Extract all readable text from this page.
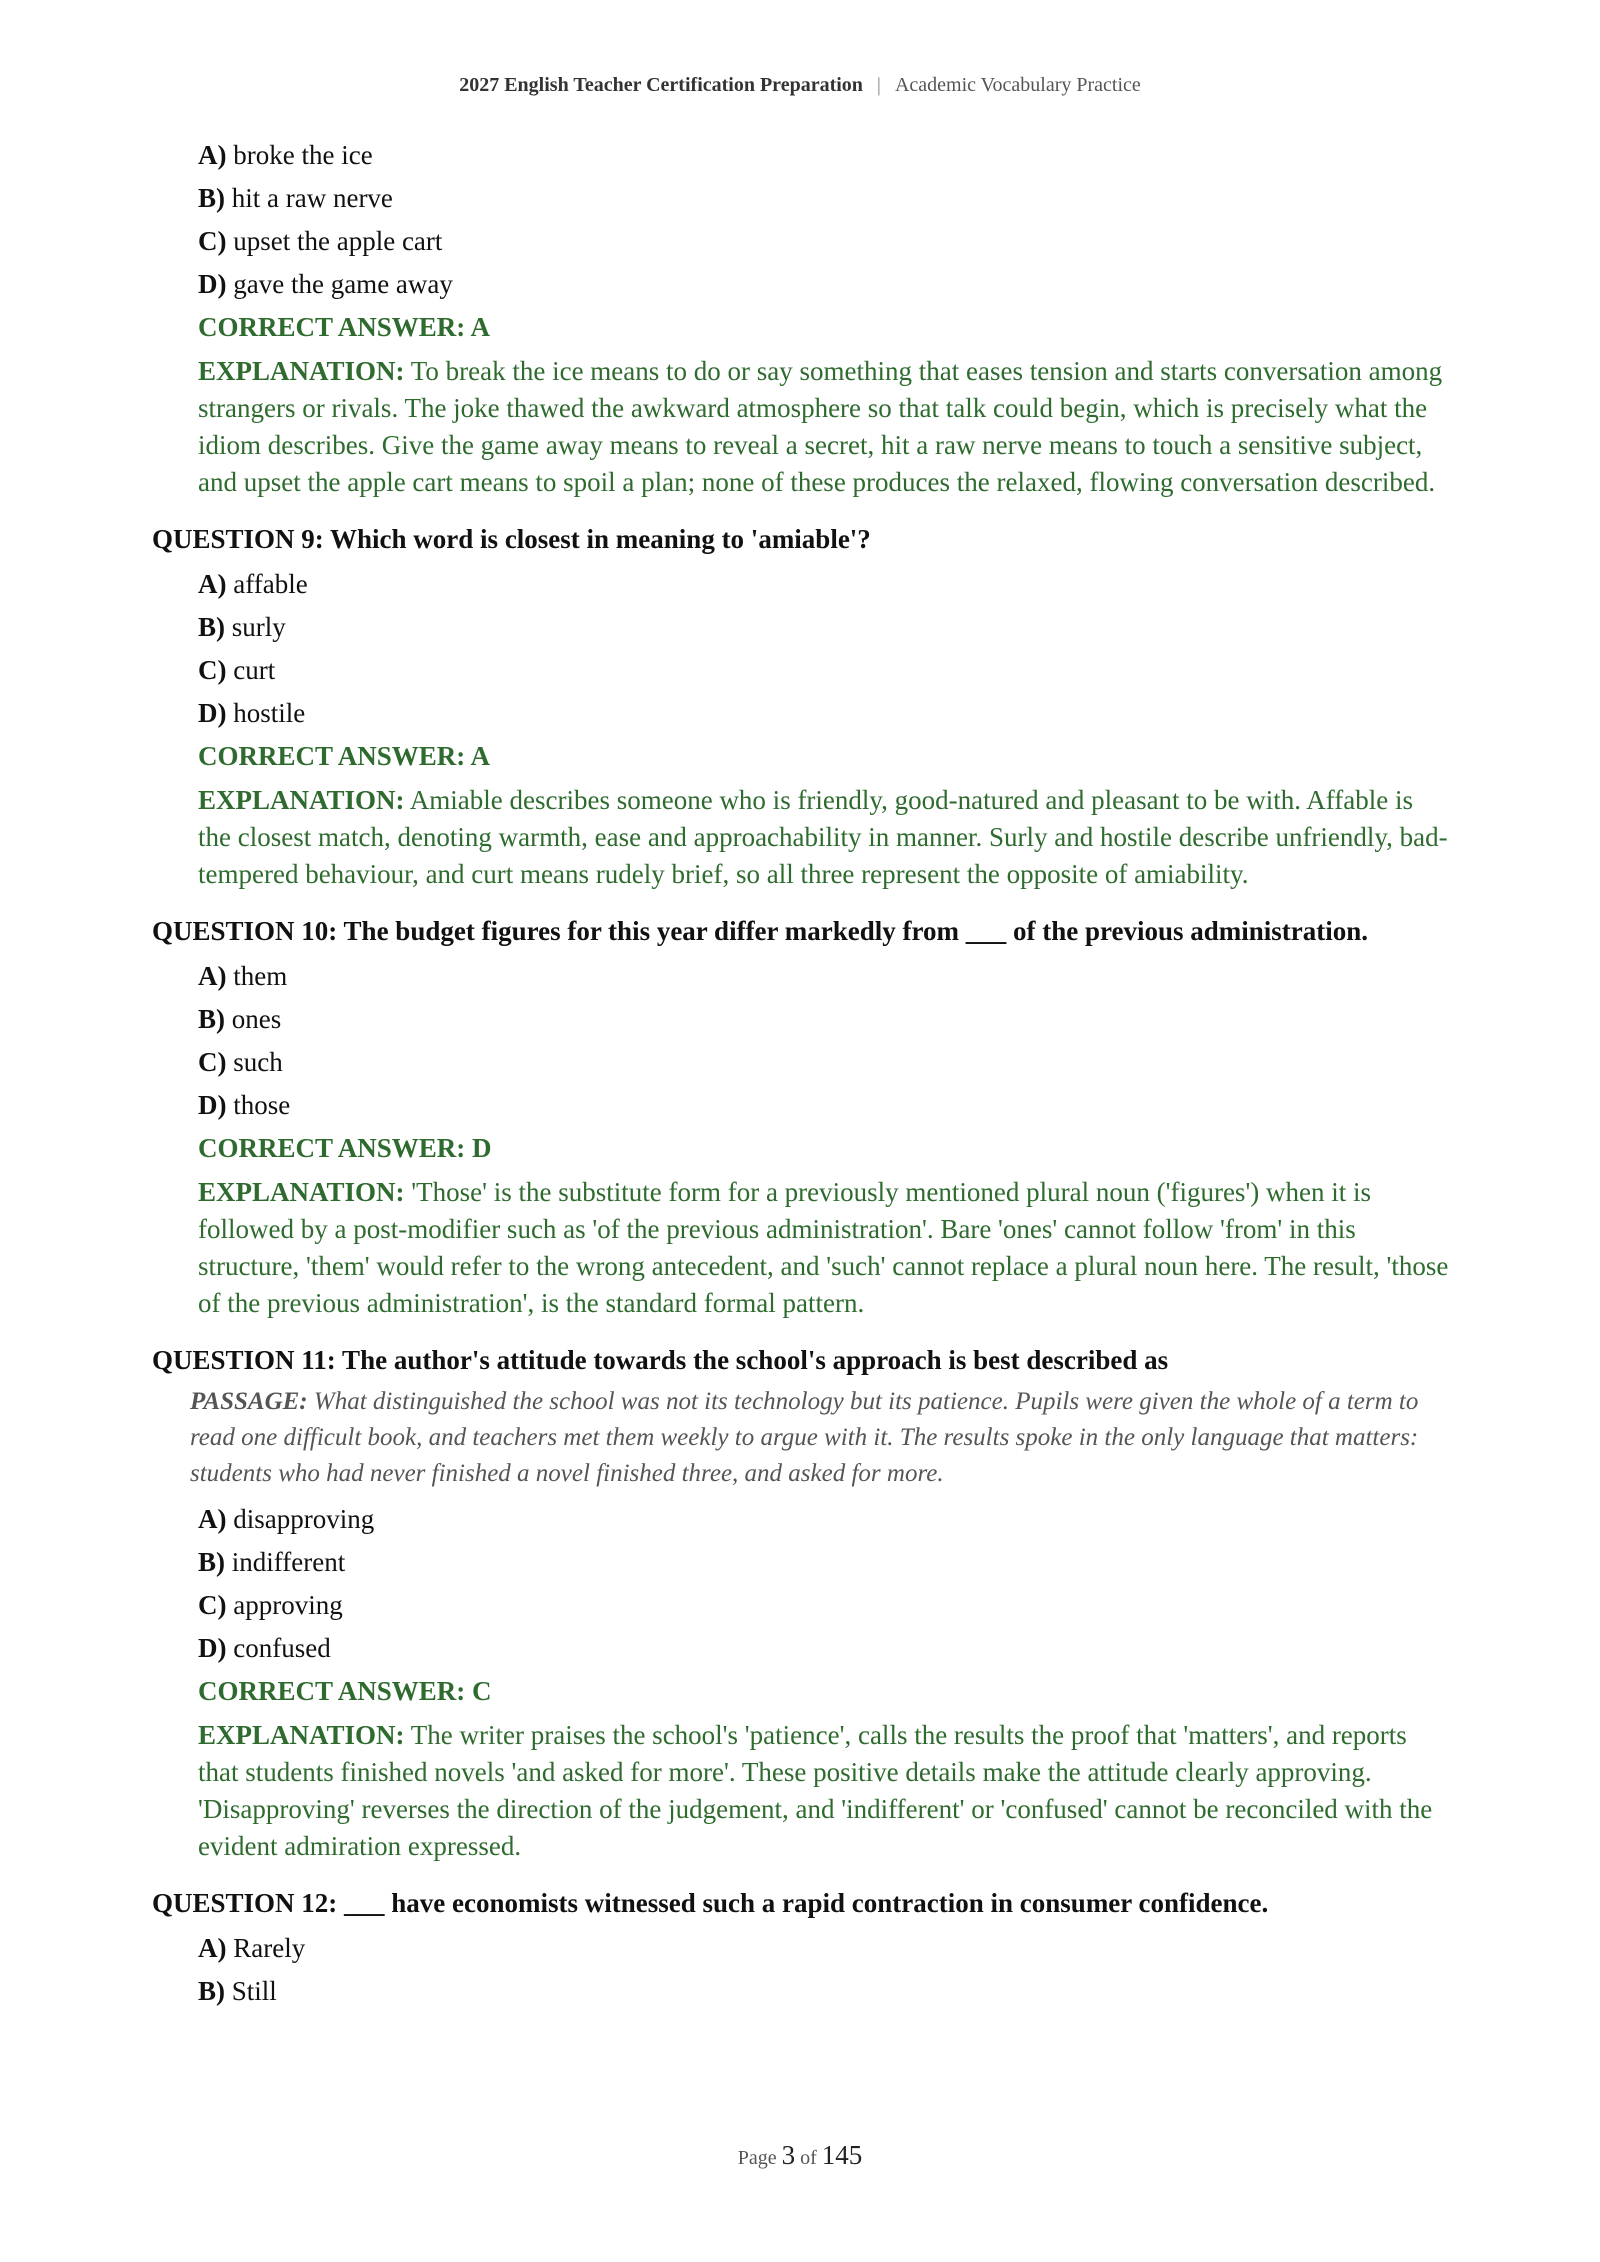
2027 English Teacher Certification Preparation | Academic Vocabulary Practice
A) broke the ice
B) hit a raw nerve
C) upset the apple cart
D) gave the game away
CORRECT ANSWER: A
EXPLANATION: To break the ice means to do or say something that eases tension and starts conversation among strangers or rivals. The joke thawed the awkward atmosphere so that talk could begin, which is precisely what the idiom describes. Give the game away means to reveal a secret, hit a raw nerve means to touch a sensitive subject, and upset the apple cart means to spoil a plan; none of these produces the relaxed, flowing conversation described.
QUESTION 9: Which word is closest in meaning to 'amiable'?
A) affable
B) surly
C) curt
D) hostile
CORRECT ANSWER: A
EXPLANATION: Amiable describes someone who is friendly, good-natured and pleasant to be with. Affable is the closest match, denoting warmth, ease and approachability in manner. Surly and hostile describe unfriendly, bad-tempered behaviour, and curt means rudely brief, so all three represent the opposite of amiability.
QUESTION 10: The budget figures for this year differ markedly from ___ of the previous administration.
A) them
B) ones
C) such
D) those
CORRECT ANSWER: D
EXPLANATION: 'Those' is the substitute form for a previously mentioned plural noun ('figures') when it is followed by a post-modifier such as 'of the previous administration'. Bare 'ones' cannot follow 'from' in this structure, 'them' would refer to the wrong antecedent, and 'such' cannot replace a plural noun here. The result, 'those of the previous administration', is the standard formal pattern.
QUESTION 11: The author's attitude towards the school's approach is best described as
PASSAGE: What distinguished the school was not its technology but its patience. Pupils were given the whole of a term to read one difficult book, and teachers met them weekly to argue with it. The results spoke in the only language that matters: students who had never finished a novel finished three, and asked for more.
A) disapproving
B) indifferent
C) approving
D) confused
CORRECT ANSWER: C
EXPLANATION: The writer praises the school's 'patience', calls the results the proof that 'matters', and reports that students finished novels 'and asked for more'. These positive details make the attitude clearly approving. 'Disapproving' reverses the direction of the judgement, and 'indifferent' or 'confused' cannot be reconciled with the evident admiration expressed.
QUESTION 12: ___ have economists witnessed such a rapid contraction in consumer confidence.
A) Rarely
B) Still
Page 3 of 145
